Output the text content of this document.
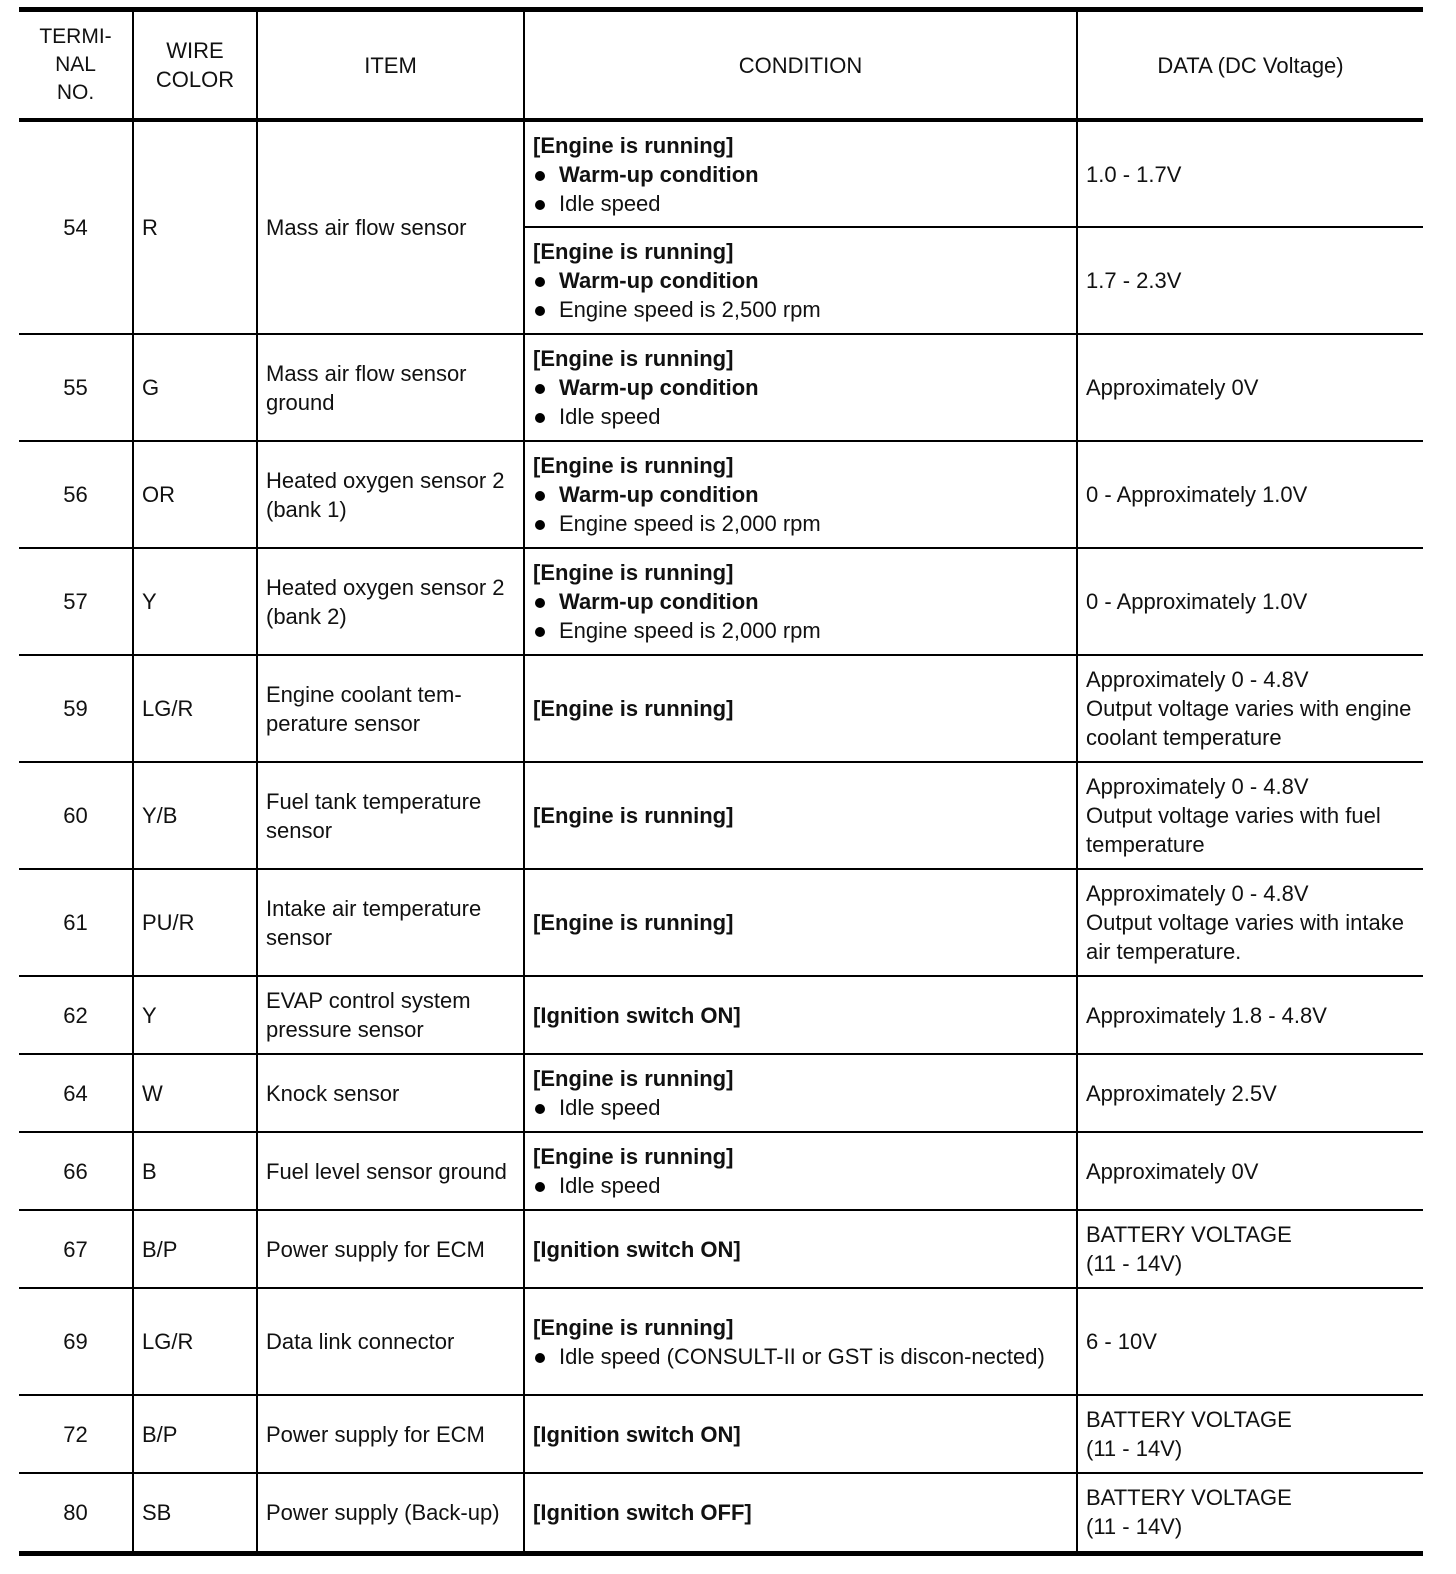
TERMI-
NAL
NO.	WIRE
COLOR	ITEM	CONDITION	DATA (DC Voltage)
54	R	Mass air flow sensor	[Engine is running]
Warm-up condition
Idle speed	1.0 - 1.7V

			[Engine is running]
Warm-up condition
Engine speed is 2,500 rpm	1.7 - 2.3V

55	G	Mass air flow sensor ground	[Engine is running]
Warm-up condition
Idle speed	Approximately 0V

56	OR	Heated oxygen sensor 2 (bank 1)	[Engine is running]
Warm-up condition
Engine speed is 2,000 rpm	0 - Approximately 1.0V

57	Y	Heated oxygen sensor 2 (bank 2)	[Engine is running]
Warm-up condition
Engine speed is 2,000 rpm	0 - Approximately 1.0V

59	LG/R	Engine coolant tem-perature sensor	[Engine is running]	Approximately 0 - 4.8V
Output voltage varies with engine coolant temperature

60	Y/B	Fuel tank temperature sensor	[Engine is running]	Approximately 0 - 4.8V
Output voltage varies with fuel temperature

61	PU/R	Intake air temperature sensor	[Engine is running]	Approximately 0 - 4.8V
Output voltage varies with intake air temperature.

62	Y	EVAP control system pressure sensor	[Ignition switch ON]	Approximately 1.8 - 4.8V

64	W	Knock sensor	[Engine is running]
Idle speed	Approximately 2.5V

66	B	Fuel level sensor ground	[Engine is running]
Idle speed	Approximately 0V

67	B/P	Power supply for ECM	[Ignition switch ON]	BATTERY VOLTAGE
(11 - 14V)

69	LG/R	Data link connector	[Engine is running]
Idle speed (CONSULT-II or GST is discon-nected)	6 - 10V

72	B/P	Power supply for ECM	[Ignition switch ON]	BATTERY VOLTAGE
(11 - 14V)

80	SB	Power supply (Back-up)	[Ignition switch OFF]	BATTERY VOLTAGE
(11 - 14V)
